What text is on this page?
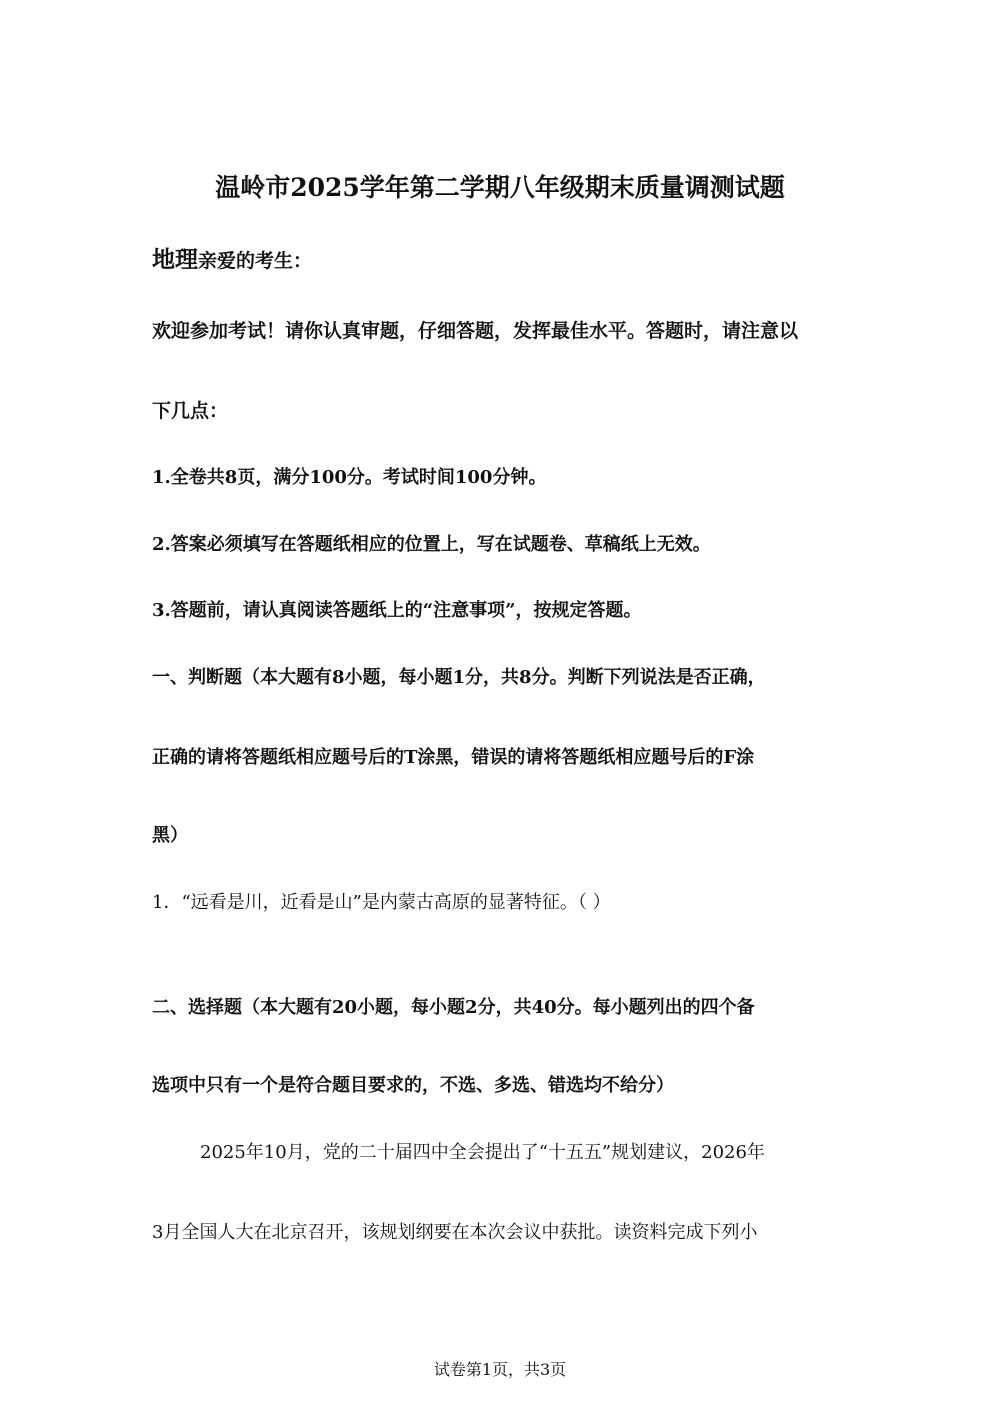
温岭市2025学年第二学期八年级期末质量调测试题
地理亲爱的考生：
欢迎参加考试！请你认真审题，仔细答题，发挥最佳水平。答题时，请注意以
下几点：
1.全卷共8页，满分100分。考试时间100分钟。
2.答案必须填写在答题纸相应的位置上，写在试题卷、草稿纸上无效。
3.答题前，请认真阅读答题纸上的“注意事项”，按规定答题。
一、判断题（本大题有8小题，每小题1分，共8分。判断下列说法是否正确，
正确的请将答题纸相应题号后的T涂黑，错误的请将答题纸相应题号后的F涂
黑）
1．“远看是川，近看是山”是内蒙古高原的显著特征。（ ）
二、选择题（本大题有20小题，每小题2分，共40分。每小题列出的四个备
选项中只有一个是符合题目要求的，不选、多选、错选均不给分）
2025年10月，党的二十届四中全会提出了“十五五”规划建议，2026年
3月全国人大在北京召开，该规划纲要在本次会议中获批。读资料完成下列小
试卷第1页，共3页
